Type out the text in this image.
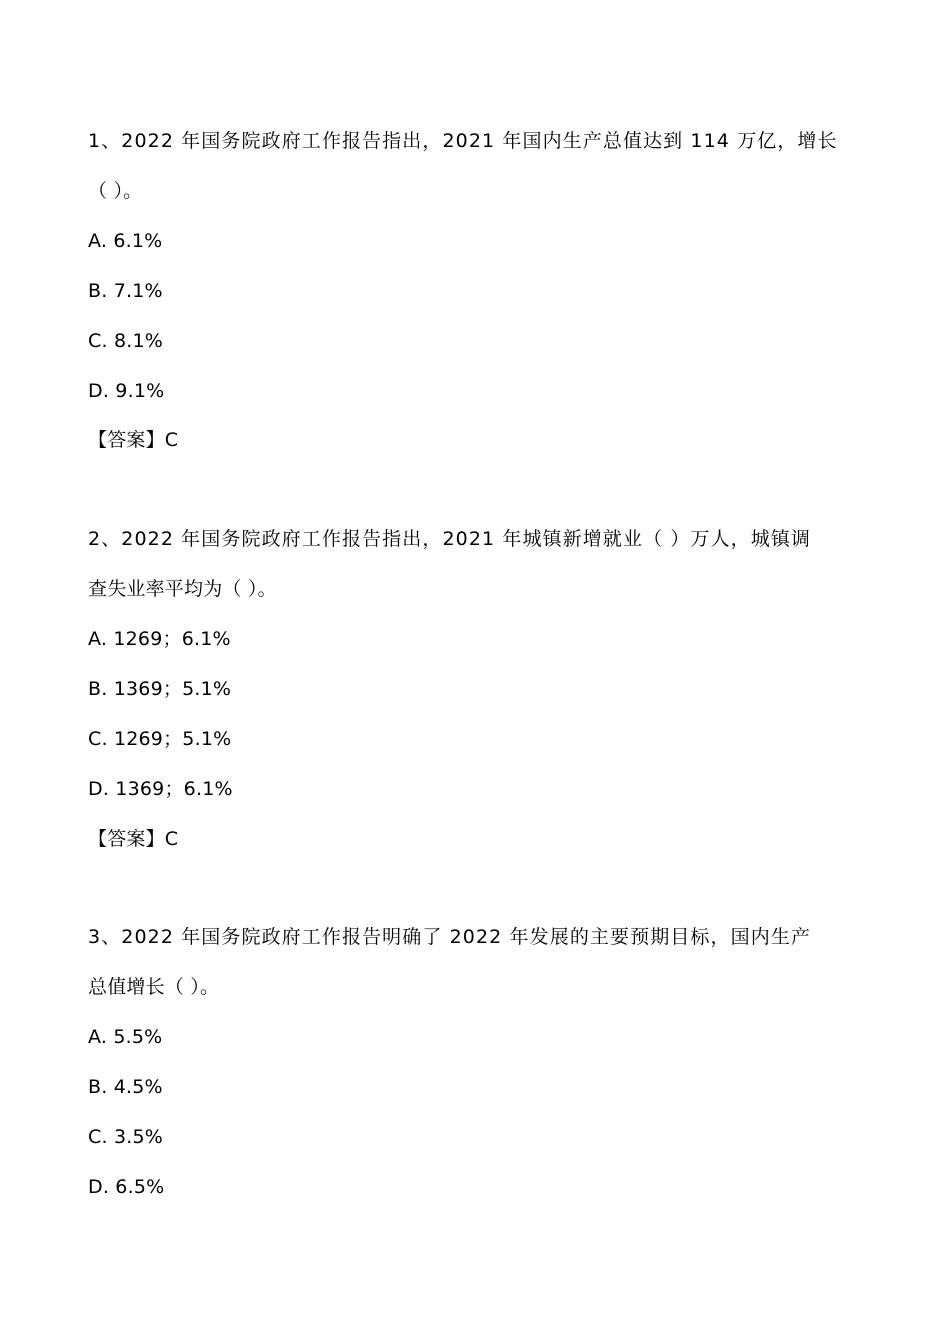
1、2022 年国务院政府工作报告指出，2021 年国内生产总值达到 114 万亿，增长
（ ）。
A. 6.1%
B. 7.1%
C. 8.1%
D. 9.1%
【答案】C
2、2022 年国务院政府工作报告指出，2021 年城镇新增就业（ ）万人，城镇调
查失业率平均为（ ）。
A. 1269；6.1%
B. 1369；5.1%
C. 1269；5.1%
D. 1369；6.1%
【答案】C
3、2022 年国务院政府工作报告明确了 2022 年发展的主要预期目标，国内生产
总值增长（ ）。
A. 5.5%
B. 4.5%
C. 3.5%
D. 6.5%
